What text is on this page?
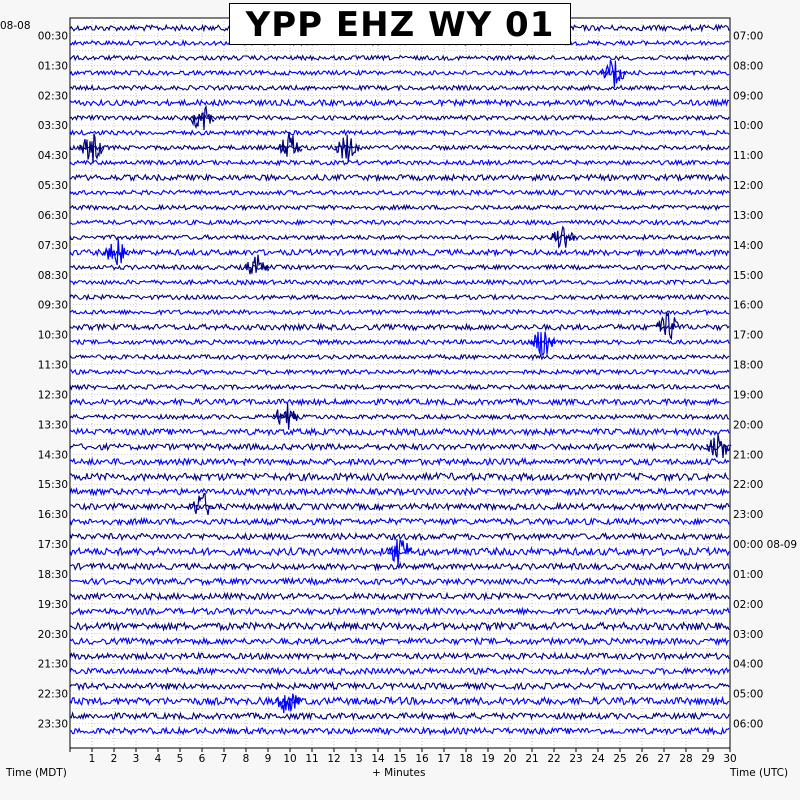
1 2 3 4 5 6 7 8 9 10 11 12 13 14 15 16 17 18 19 20 21 22 23 24 25 26 27 28 29 30
00:30
01:30
02:30
03:30
04:30
05:30
06:30
07:30
08:30
09:30
10:30
11:30
12:30
13:30
14:30
15:30
16:30
17:30
18:30
19:30
20:30
21:30
22:30
23:30
07:00
08:00
09:00
10:00
11:00
12:00
13:00
14:00
15:00
16:00
17:00
18:00
19:00
20:00
21:00
22:00
23:00
00:00 08-09
01:00
02:00
03:00
04:00
05:00
06:00
YPP EHZ WY 01
08-08
Time (MDT)	+ Minutes	Time (UTC)
